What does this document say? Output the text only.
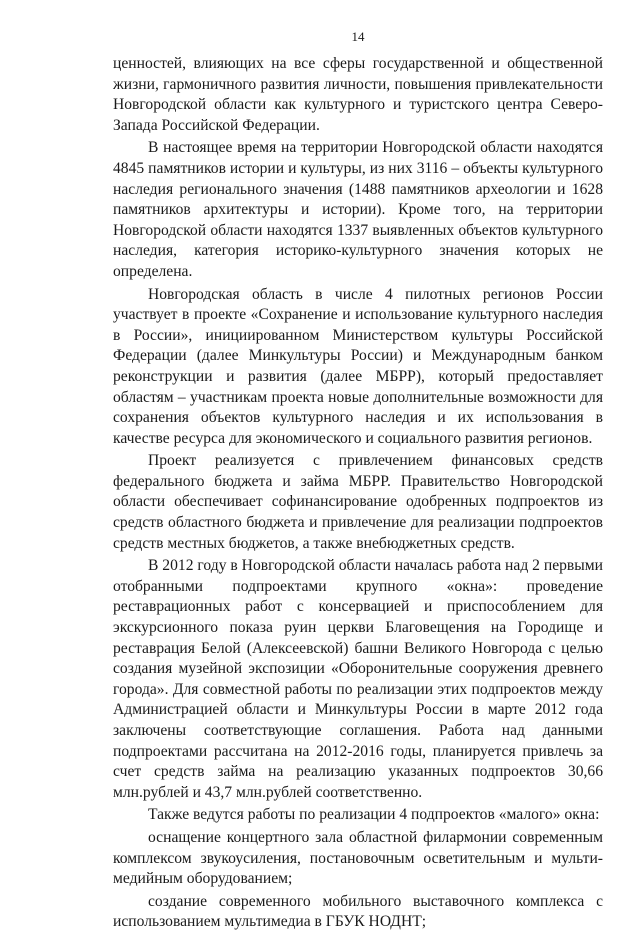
14

ценностей, влияющих на все сферы государственной и общественной жизни, гармоничного развития личности, повышения привлекательности Новгородской области как культурного и туристского центра Северо-Запада Российской Федерации.

В настоящее время на территории Новгородской области находятся 4845 памятников истории и культуры, из них 3116 – объекты культурного наследия регионального значения (1488 памятников археологии и 1628 памятников архитектуры и истории). Кроме того, на территории Новгородской области находятся 1337 выявленных объектов культурного наследия, категория историко-культурного значения которых не определена.

Новгородская область в числе 4 пилотных регионов России участвует в проекте «Сохранение и использование культурного наследия в России», инициированном Министерством культуры Российской Федерации (далее Минкультуры России) и Международным банком реконструкции и развития (далее МБРР), который предоставляет областям – участникам проекта новые дополнительные возможности для сохранения объектов культурного наследия и их использования в качестве ресурса для экономического и социального развития регионов.

Проект реализуется с привлечением финансовых средств федерального бюджета и займа МБРР. Правительство Новгородской области обеспечивает софинансирование одобренных подпроектов из средств областного бюджета и привлечение для реализации подпроектов средств местных бюджетов, а также внебюджетных средств.

В 2012 году в Новгородской области началась работа над 2 первыми отобранными подпроектами крупного «окна»: проведение реставрационных работ с консервацией и приспособлением для экскурсионного показа руин церкви Благовещения на Городище и реставрация Белой (Алексеевской) башни Великого Новгорода с целью создания музейной экспозиции «Оборонительные сооружения древнего города». Для совместной работы по реализации этих подпроектов между Администрацией области и Минкультуры России в марте 2012 года заключены соответствующие соглашения. Работа над данными подпроектами рассчитана на 2012-2016 годы, планируется привлечь за счет средств займа на реализацию указанных подпроектов 30,66 млн.рублей и 43,7 млн.рублей соответственно.

Также ведутся работы по реализации 4 подпроектов «малого» окна:

оснащение концертного зала областной филармонии современным комплексом звукоусиления, постановочным осветительным и мульти-медийным оборудованием;

создание современного мобильного выставочного комплекса с использованием мультимедиа в ГБУК НОДНТ;
